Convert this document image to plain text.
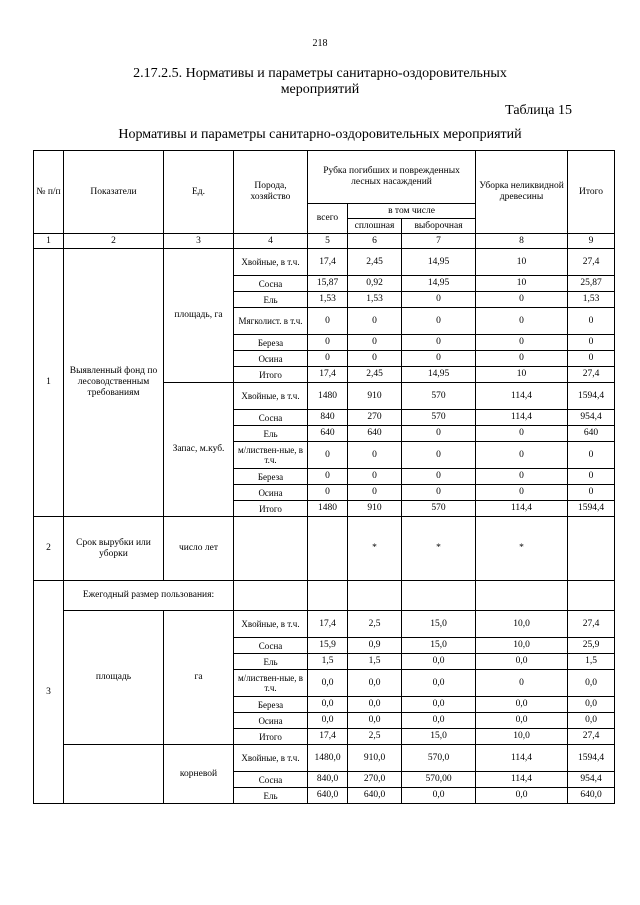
218
2.17.2.5. Нормативы и параметры санитарно-оздоровительных мероприятий
Таблица 15
Нормативы и параметры санитарно-оздоровительных мероприятий
№ п/п	Показатели	Ед.	Порода, хозяйство	Рубка погибших и поврежденных лесных насаждений			Уборка неликвидной древесины	Итого
				всего	в том числе			
					сплошная	выборочная		
1	2	3	4	5	6	7	8	9
1	Выявленный фонд по лесоводственным требованиям	площадь, га	Хвойные, в т.ч.	17,4	2,45	14,95	10	27,4
			Сосна	15,87	0,92	14,95	10	25,87
			Ель	1,53	1,53	0	0	1,53
			Мягколист. в т.ч.	0	0	0	0	0
			Береза	0	0	0	0	0
			Осина	0	0	0	0	0
			Итого	17,4	2,45	14,95	10	27,4
		Запас, м.куб.	Хвойные, в т.ч.	1480	910	570	114,4	1594,4
			Сосна	840	270	570	114,4	954,4
			Ель	640	640	0	0	640
			м/листвен-ные, в т.ч.	0	0	0	0	0
			Береза	0	0	0	0	0
			Осина	0	0	0	0	0
			Итого	1480	910	570	114,4	1594,4
2	Срок вырубки или уборки	число лет			*	*	*	
3	Ежегодный размер пользования:							
	площадь	га	Хвойные, в т.ч.	17,4	2,5	15,0	10,0	27,4
			Сосна	15,9	0,9	15,0	10,0	25,9
			Ель	1,5	1,5	0,0	0,0	1,5
			м/листвен-ные, в т.ч.	0,0	0,0	0,0	0	0,0
			Береза	0,0	0,0	0,0	0,0	0,0
			Осина	0,0	0,0	0,0	0,0	0,0
			Итого	17,4	2,5	15,0	10,0	27,4
		корневой	Хвойные, в т.ч.	1480,0	910,0	570,0	114,4	1594,4
			Сосна	840,0	270,0	570,00	114,4	954,4
			Ель	640,0	640,0	0,0	0,0	640,0
